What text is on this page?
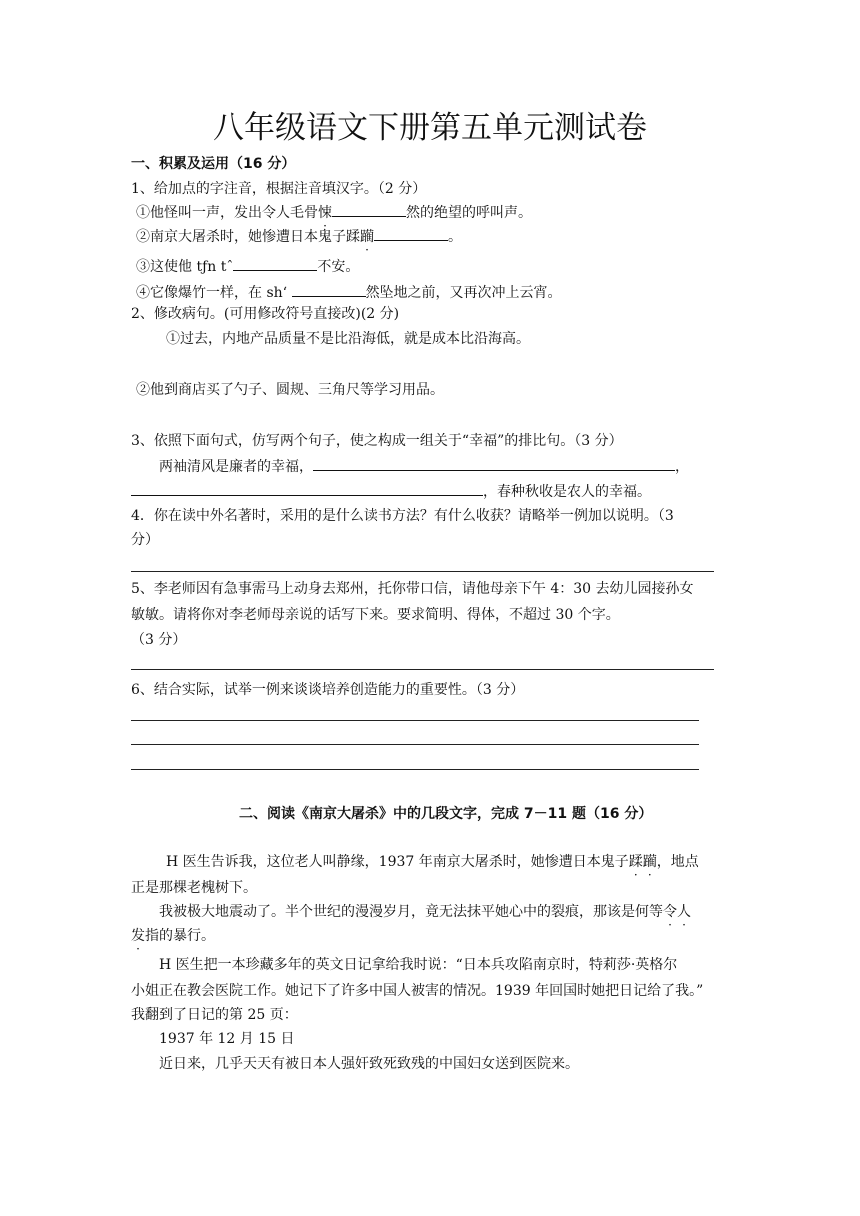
八年级语文下册第五单元测试卷
一、积累及运用（16 分）
1、给加点的字注音，根据注音填汉字。（2 分）
①他怪叫一声，发出令人毛骨悚	然的绝望的呼叫声。
②南京大屠杀时，她惨遭日本鬼子蹂躏	。
③这使他 tƒn tˆ	不安。
④它像爆竹一样，在 sh‘	然坠地之前，又再次冲上云宵。
2、修改病句。(可用修改符号直接改)(2 分)
①过去，内地产品质量不是比沿海低，就是成本比沿海高。
②他到商店买了勺子、圆规、三角尺等学习用品。
3、依照下面句式，仿写两个句子，使之构成一组关于“幸福”的排比句。（3 分）
两袖清风是廉者的幸福，	，
，春种秋收是农人的幸福。
4．你在读中外名著时，采用的是什么读书方法？有什么收获？请略举一例加以说明。（3
分）
5、李老师因有急事需马上动身去郑州，托你带口信，请他母亲下午 4：30 去幼儿园接孙女
敏敏。请将你对李老师母亲说的话写下来。要求简明、得体，不超过 30 个字。
（3 分）
6、结合实际，试举一例来谈谈培养创造能力的重要性。（3 分）
二、阅读《南京大屠杀》中的几段文字，完成 7－11 题（16 分）
H 医生告诉我，这位老人叫静缘，1937 年南京大屠杀时，她惨遭日本鬼子蹂躏，地点
正是那棵老槐树下。
我被极大地震动了。半个世纪的漫漫岁月，竟无法抹平她心中的裂痕，那该是何等令人
发指的暴行。
H 医生把一本珍藏多年的英文日记拿给我时说：“日本兵攻陷南京时，特莉莎·英格尔
小姐正在教会医院工作。她记下了许多中国人被害的情况。1939 年回国时她把日记给了我。”
我翻到了日记的第 25 页：
1937 年 12 月 15 日
近日来，几乎天天有被日本人强奸致死致残的中国妇女送到医院来。
